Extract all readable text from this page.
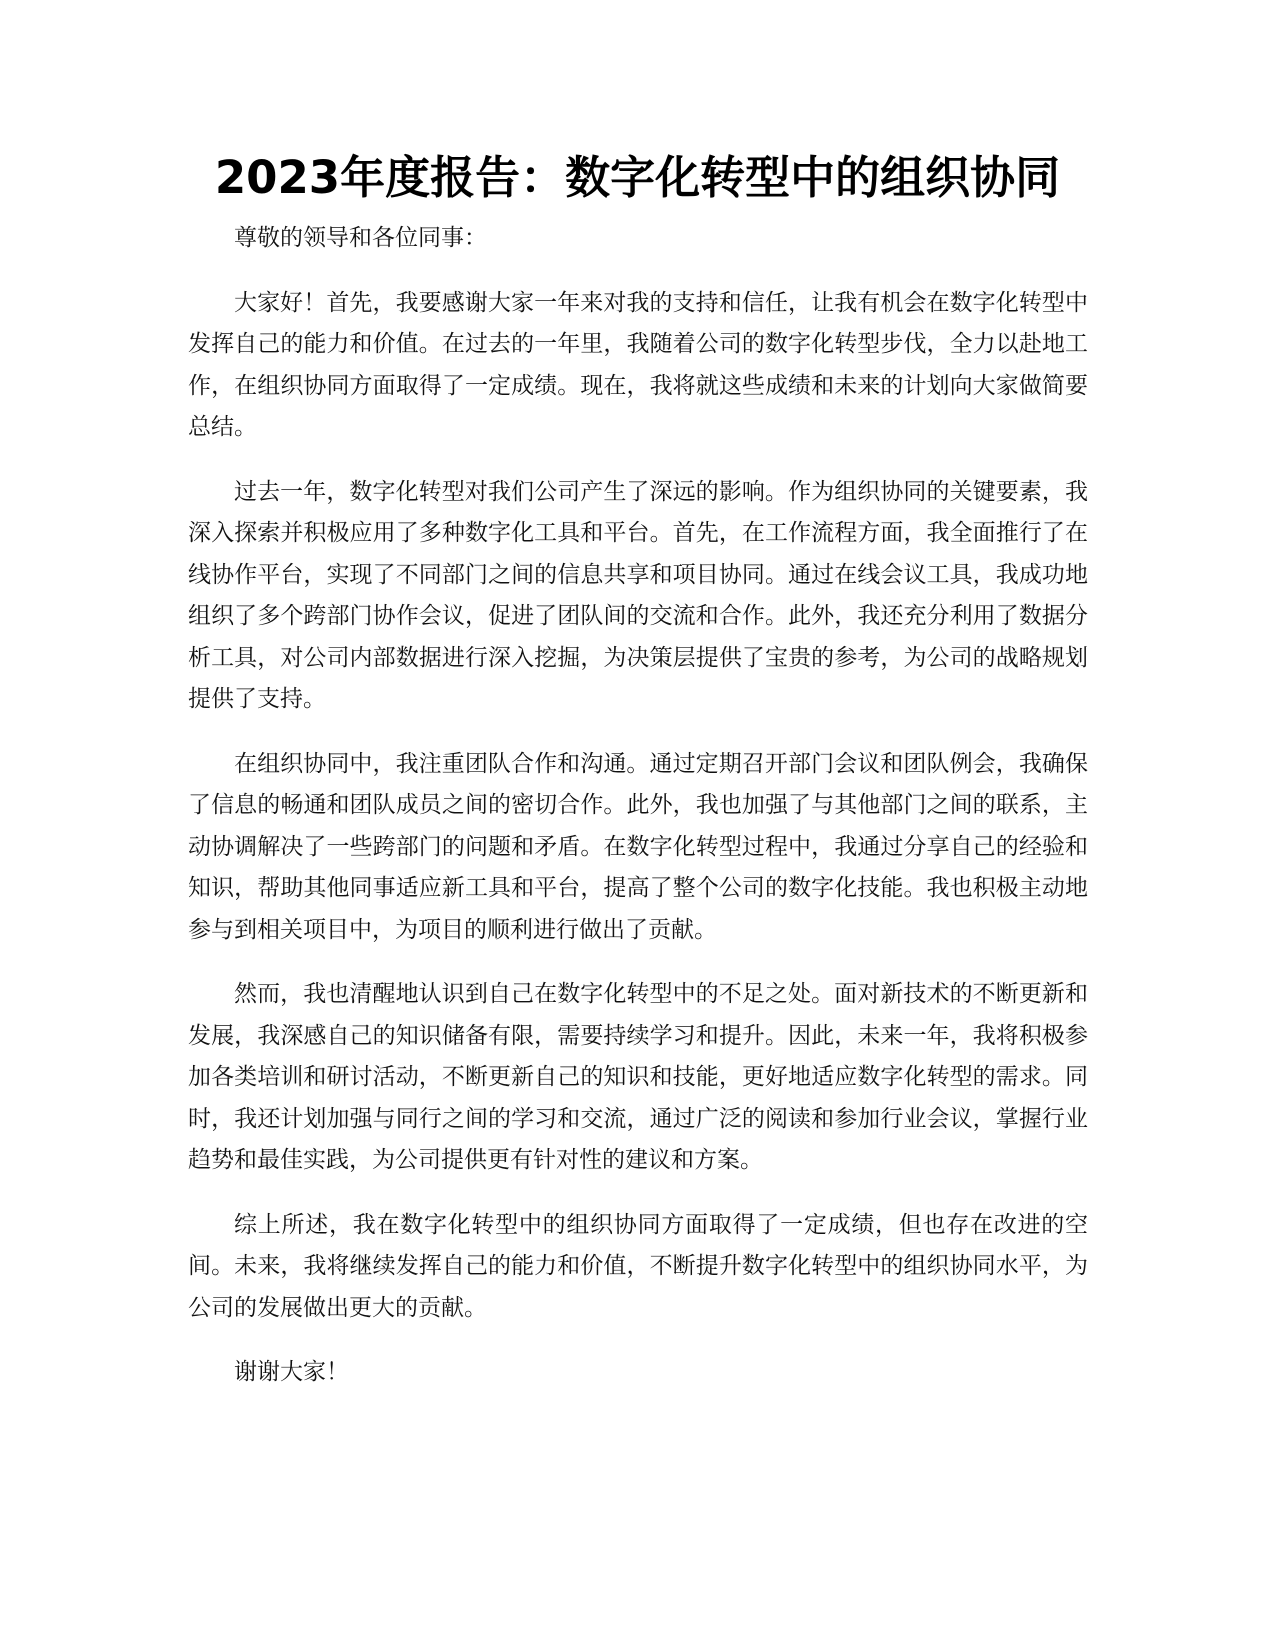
2023年度报告：数字化转型中的组织协同

尊敬的领导和各位同事：

大家好！首先，我要感谢大家一年来对我的支持和信任，让我有机会在数字化转型中发挥自己的能力和价值。在过去的一年里，我随着公司的数字化转型步伐，全力以赴地工作，在组织协同方面取得了一定成绩。现在，我将就这些成绩和未来的计划向大家做简要总结。

过去一年，数字化转型对我们公司产生了深远的影响。作为组织协同的关键要素，我深入探索并积极应用了多种数字化工具和平台。首先，在工作流程方面，我全面推行了在线协作平台，实现了不同部门之间的信息共享和项目协同。通过在线会议工具，我成功地组织了多个跨部门协作会议，促进了团队间的交流和合作。此外，我还充分利用了数据分析工具，对公司内部数据进行深入挖掘，为决策层提供了宝贵的参考，为公司的战略规划提供了支持。

在组织协同中，我注重团队合作和沟通。通过定期召开部门会议和团队例会，我确保了信息的畅通和团队成员之间的密切合作。此外，我也加强了与其他部门之间的联系，主动协调解决了一些跨部门的问题和矛盾。在数字化转型过程中，我通过分享自己的经验和知识，帮助其他同事适应新工具和平台，提高了整个公司的数字化技能。我也积极主动地参与到相关项目中，为项目的顺利进行做出了贡献。

然而，我也清醒地认识到自己在数字化转型中的不足之处。面对新技术的不断更新和发展，我深感自己的知识储备有限，需要持续学习和提升。因此，未来一年，我将积极参加各类培训和研讨活动，不断更新自己的知识和技能，更好地适应数字化转型的需求。同时，我还计划加强与同行之间的学习和交流，通过广泛的阅读和参加行业会议，掌握行业趋势和最佳实践，为公司提供更有针对性的建议和方案。

综上所述，我在数字化转型中的组织协同方面取得了一定成绩，但也存在改进的空间。未来，我将继续发挥自己的能力和价值，不断提升数字化转型中的组织协同水平，为公司的发展做出更大的贡献。

谢谢大家！
